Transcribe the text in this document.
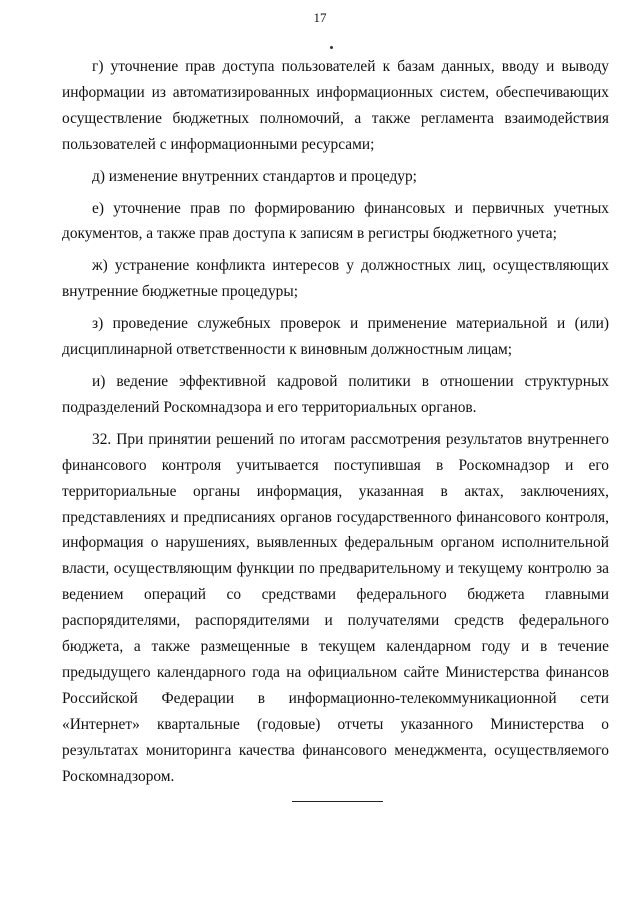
17

г) уточнение прав доступа пользователей к базам данных, вводу и выводу информации из автоматизированных информационных систем, обеспечивающих осуществление бюджетных полномочий, а также регламента взаимодействия пользователей с информационными ресурсами;

д) изменение внутренних стандартов и процедур;

е) уточнение прав по формированию финансовых и первичных учетных документов, а также прав доступа к записям в регистры бюджетного учета;

ж) устранение конфликта интересов у должностных лиц, осуществляющих внутренние бюджетные процедуры;

з) проведение служебных проверок и применение материальной и (или) дисциплинарной ответственности к виновным должностным лицам;

и) ведение эффективной кадровой политики в отношении структурных подразделений Роскомнадзора и его территориальных органов.

32. При принятии решений по итогам рассмотрения результатов внутреннего финансового контроля учитывается поступившая в Роскомнадзор и его территориальные органы информация, указанная в актах, заключениях, представлениях и предписаниях органов государственного финансового контроля, информация о нарушениях, выявленных федеральным органом исполнительной власти, осуществляющим функции по предварительному и текущему контролю за ведением операций со средствами федерального бюджета главными распорядителями, распорядителями и получателями средств федерального бюджета, а также размещенные в текущем календарном году и в течение предыдущего календарного года на официальном сайте Министерства финансов Российской Федерации в информационно-телекоммуникационной сети «Интернет» квартальные (годовые) отчеты указанного Министерства о результатах мониторинга качества финансового менеджмента, осуществляемого Роскомнадзором.
